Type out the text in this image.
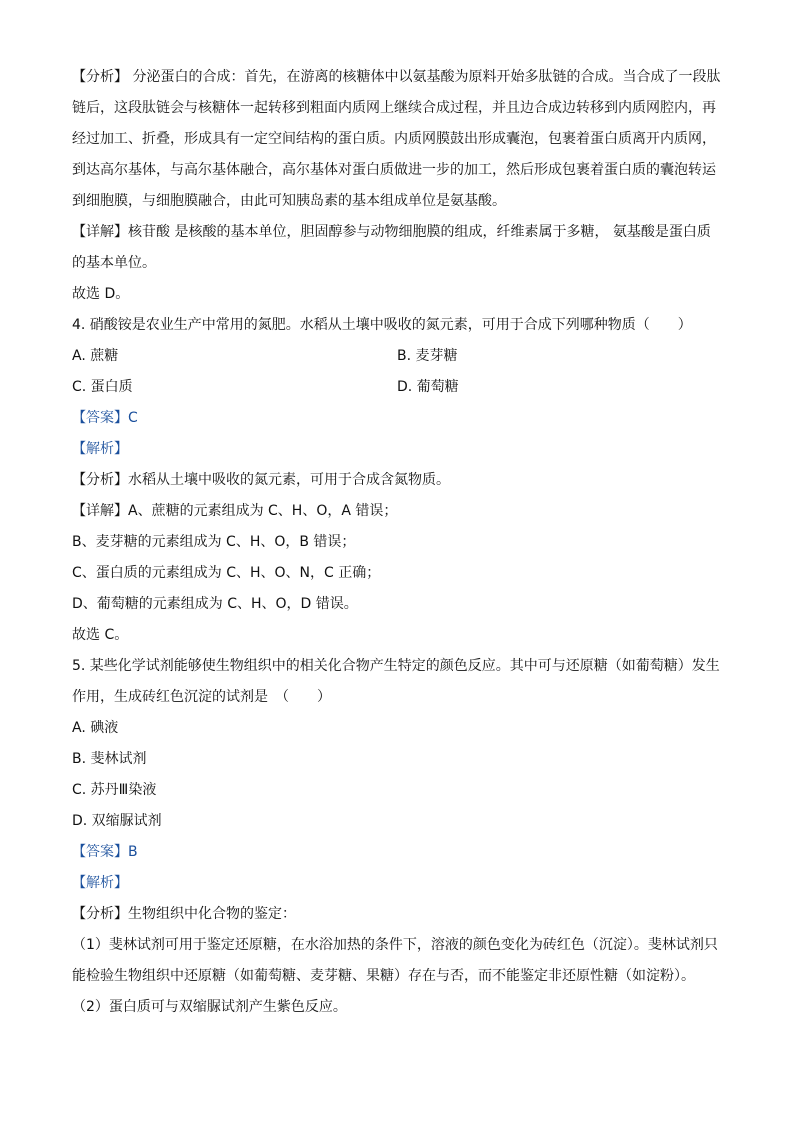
【分析】 分泌蛋白的合成：首先，在游离的核糖体中以氨基酸为原料开始多肽链的合成。当合成了一段肽
链后，这段肽链会与核糖体一起转移到粗面内质网上继续合成过程，并且边合成边转移到内质网腔内，再
经过加工、折叠，形成具有一定空间结构的蛋白质。内质网膜鼓出形成囊泡，包裹着蛋白质离开内质网，
到达高尔基体，与高尔基体融合，高尔基体对蛋白质做进一步的加工，然后形成包裹着蛋白质的囊泡转运
到细胞膜，与细胞膜融合，由此可知胰岛素的基本组成单位是氨基酸。
【详解】核苷酸 是核酸的基本单位，胆固醇参与动物细胞膜的组成，纤维素属于多糖， 氨基酸是蛋白质
的基本单位。
故选 D。
4. 硝酸铵是农业生产中常用的氮肥。水稻从土壤中吸收的氮元素，可用于合成下列哪种物质（　　）
A. 蔗糖	B. 麦芽糖
C. 蛋白质	D. 葡萄糖
【答案】C
【解析】
【分析】水稻从土壤中吸收的氮元素，可用于合成含氮物质。
【详解】A、蔗糖的元素组成为 C、H、O，A 错误；
B、麦芽糖的元素组成为 C、H、O，B 错误；
C、蛋白质的元素组成为 C、H、O、N，C 正确；
D、葡萄糖的元素组成为 C、H、O，D 错误。
故选 C。
5. 某些化学试剂能够使生物组织中的相关化合物产生特定的颜色反应。其中可与还原糖（如葡萄糖）发生
作用，生成砖红色沉淀的试剂是　（　　）
A. 碘液
B. 斐林试剂
C. 苏丹Ⅲ染液
D. 双缩脲试剂
【答案】B
【解析】
【分析】生物组织中化合物的鉴定：
（1）斐林试剂可用于鉴定还原糖，在水浴加热的条件下，溶液的颜色变化为砖红色（沉淀）。斐林试剂只
能检验生物组织中还原糖（如葡萄糖、麦芽糖、果糖）存在与否，而不能鉴定非还原性糖（如淀粉）。
（2）蛋白质可与双缩脲试剂产生紫色反应。
